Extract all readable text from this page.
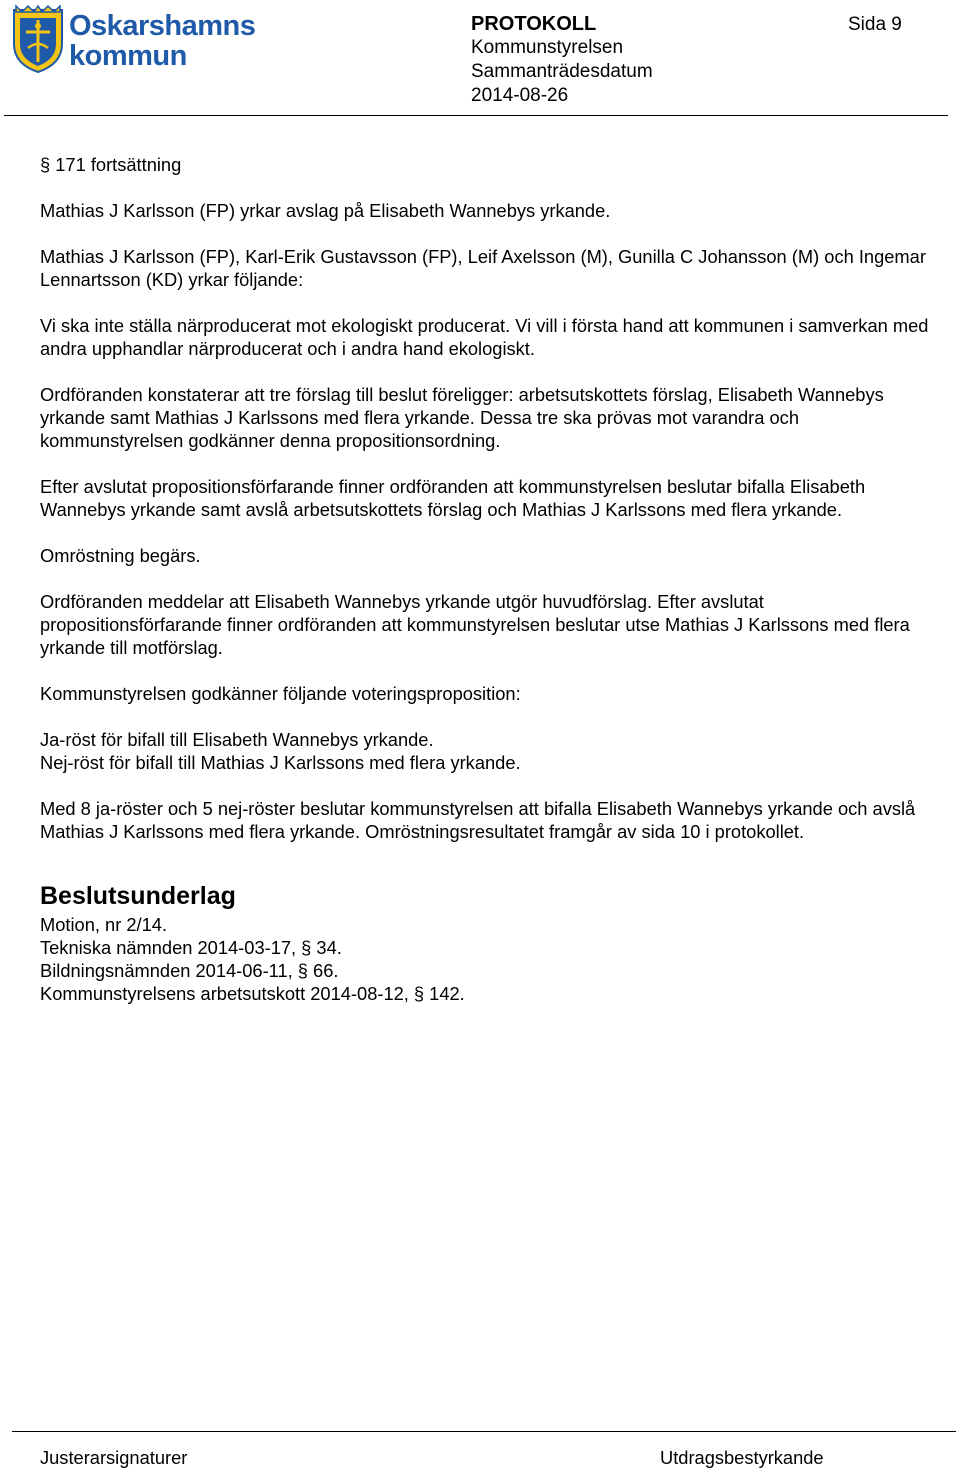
Oskarshamns
kommun
PROTOKOLL
Kommunstyrelsen
Sammanträdesdatum
2014-08-26
Sida 9

§ 171 fortsättning

Mathias J Karlsson (FP) yrkar avslag på Elisabeth Wannebys yrkande.

Mathias J Karlsson (FP), Karl-Erik Gustavsson (FP), Leif Axelsson (M), Gunilla C Johansson (M) och Ingemar Lennartsson (KD) yrkar följande:

Vi ska inte ställa närproducerat mot ekologiskt producerat. Vi vill i första hand att kommunen i samverkan med andra upphandlar närproducerat och i andra hand ekologiskt.

Ordföranden konstaterar att tre förslag till beslut föreligger: arbetsutskottets förslag, Elisabeth Wannebys yrkande samt Mathias J Karlssons med flera yrkande. Dessa tre ska prövas mot varandra och kommunstyrelsen godkänner denna propositionsordning.

Efter avslutat propositionsförfarande finner ordföranden att kommunstyrelsen beslutar bifalla Elisabeth Wannebys yrkande samt avslå arbetsutskottets förslag och Mathias J Karlssons med flera yrkande.

Omröstning begärs.

Ordföranden meddelar att Elisabeth Wannebys yrkande utgör huvudförslag. Efter avslutat propositionsförfarande finner ordföranden att kommunstyrelsen beslutar utse Mathias J Karlssons med flera yrkande till motförslag.

Kommunstyrelsen godkänner följande voteringsproposition:

Ja-röst för bifall till Elisabeth Wannebys yrkande.

Nej-röst för bifall till Mathias J Karlssons med flera yrkande.

Med 8 ja-röster och 5 nej-röster beslutar kommunstyrelsen att bifalla Elisabeth Wannebys yrkande och avslå Mathias J Karlssons med flera yrkande. Omröstningsresultatet framgår av sida 10 i protokollet.

Beslutsunderlag

Motion, nr 2/14.

Tekniska nämnden 2014-03-17, § 34.

Bildningsnämnden 2014-06-11, § 66.

Kommunstyrelsens arbetsutskott 2014-08-12, § 142.

Justerarsignaturer	Utdragsbestyrkande
